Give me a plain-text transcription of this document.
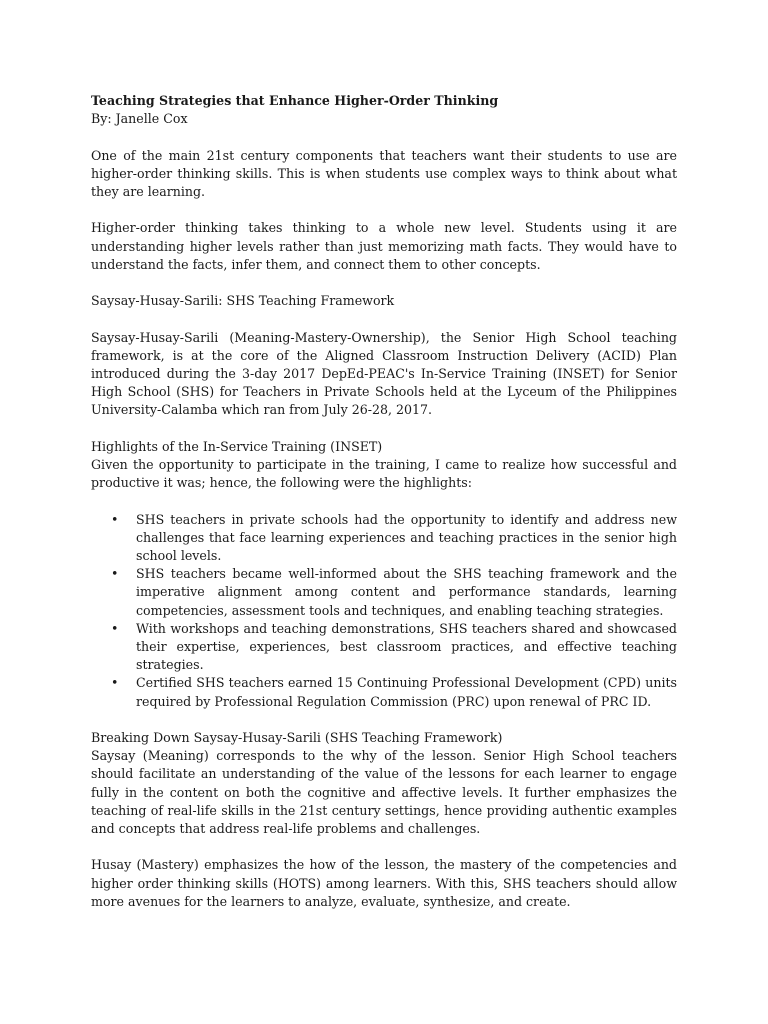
Teaching Strategies that Enhance Higher-Order Thinking

By: Janelle Cox

One of the main 21st century components that teachers want their students to use are higher-order thinking skills. This is when students use complex ways to think about what they are learning.

Higher-order thinking takes thinking to a whole new level. Students using it are understanding higher levels rather than just memorizing math facts. They would have to understand the facts, infer them, and connect them to other concepts.

Saysay-Husay-Sarili: SHS Teaching Framework

Saysay-Husay-Sarili (Meaning-Mastery-Ownership), the Senior High School teaching framework, is at the core of the Aligned Classroom Instruction Delivery (ACID) Plan introduced during the 3-day 2017 DepEd-PEAC's In-Service Training (INSET) for Senior High School (SHS) for Teachers in Private Schools held at the Lyceum of the Philippines University-Calamba which ran from July 26-28, 2017.

Highlights of the In-Service Training (INSET)

Given the opportunity to participate in the training, I came to realize how successful and productive it was; hence, the following were the highlights:

• SHS teachers in private schools had the opportunity to identify and address new challenges that face learning experiences and teaching practices in the senior high school levels.
• SHS teachers became well-informed about the SHS teaching framework and the imperative alignment among content and performance standards, learning competencies, assessment tools and techniques, and enabling teaching strategies.
• With workshops and teaching demonstrations, SHS teachers shared and showcased their expertise, experiences, best classroom practices, and effective teaching strategies.
• Certified SHS teachers earned 15 Continuing Professional Development (CPD) units required by Professional Regulation Commission (PRC) upon renewal of PRC ID.

Breaking Down Saysay-Husay-Sarili (SHS Teaching Framework)

Saysay (Meaning) corresponds to the why of the lesson. Senior High School teachers should facilitate an understanding of the value of the lessons for each learner to engage fully in the content on both the cognitive and affective levels. It further emphasizes the teaching of real-life skills in the 21st century settings, hence providing authentic examples and concepts that address real-life problems and challenges.

Husay (Mastery) emphasizes the how of the lesson, the mastery of the competencies and higher order thinking skills (HOTS) among learners. With this, SHS teachers should allow more avenues for the learners to analyze, evaluate, synthesize, and create.
